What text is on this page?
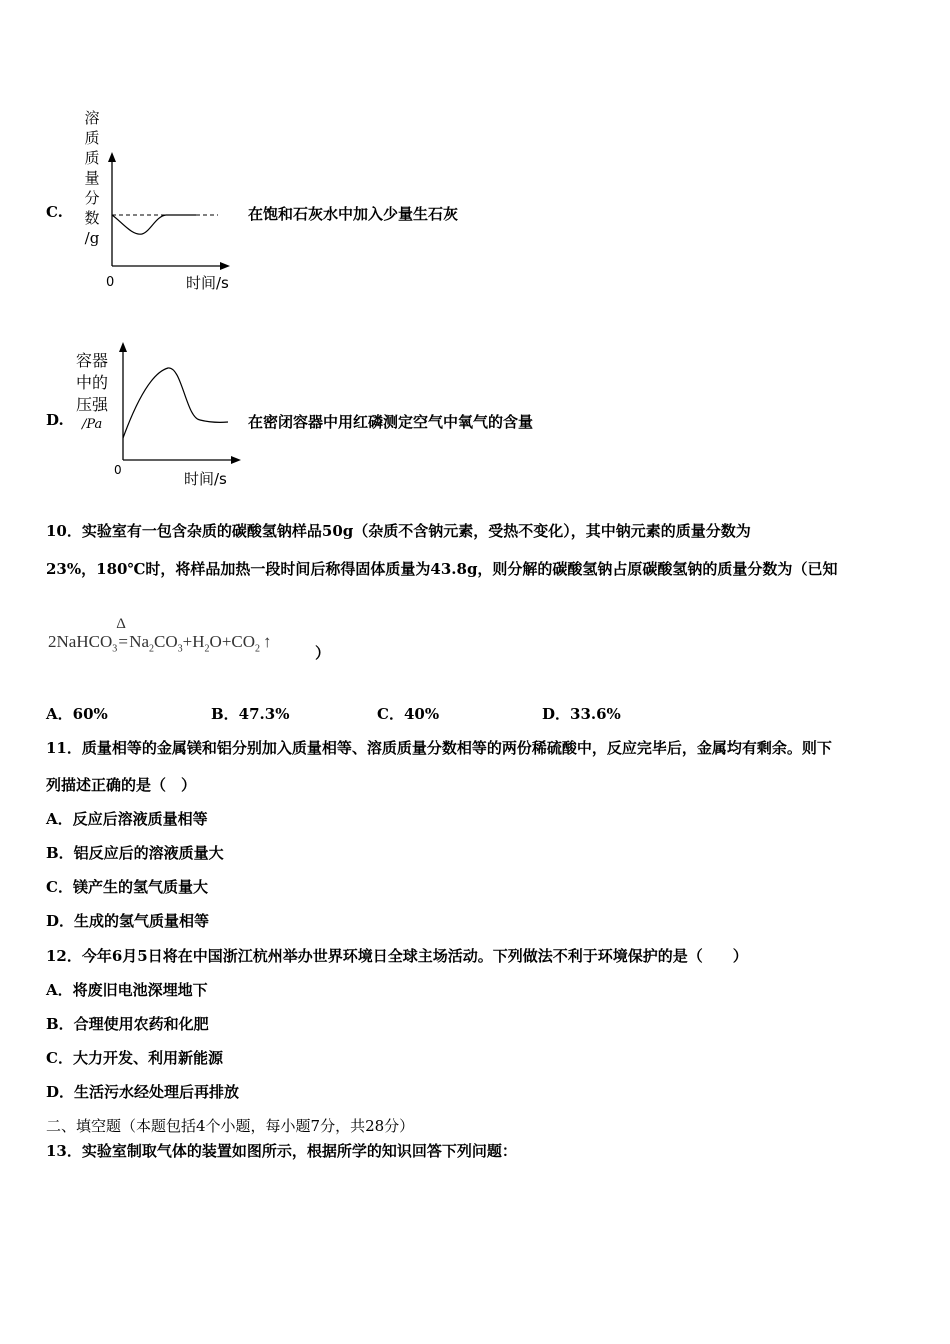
C.
溶
质
质
量
分
数
/g
0	时间/s
在饱和石灰水中加入少量生石灰
D.
容器
中的
压强
/Pa
0	时间/s
在密闭容器中用红磷测定空气中氧气的含量
10．实验室有一包含杂质的碳酸氢钠样品50g（杂质不含钠元素，受热不变化），其中钠元素的质量分数为
23%，180℃时，将样品加热一段时间后称得固体质量为43.8g，则分解的碳酸氢钠占原碳酸氢钠的质量分数为（已知
2NaHCO$_3$
Δ
$=Na_2CO_3+H_2O+CO_2$ ↑
）
A．60%	B．47.3%	C．40%	D．33.6%
11．质量相等的金属镁和铝分别加入质量相等、溶质质量分数相等的两份稀硫酸中，反应完毕后，金属均有剩余。则下
列描述正确的是（　）
A．反应后溶液质量相等
B．铝反应后的溶液质量大
C．镁产生的氢气质量大
D．生成的氢气质量相等
12．今年6月5日将在中国浙江杭州举办世界环境日全球主场活动。下列做法不利于环境保护的是（　　）
A．将废旧电池深埋地下
B．合理使用农药和化肥
C．大力开发、利用新能源
D．生活污水经处理后再排放
二、填空题（本题包括4个小题，每小题7分，共28分）
13．实验室制取气体的装置如图所示，根据所学的知识回答下列问题：
